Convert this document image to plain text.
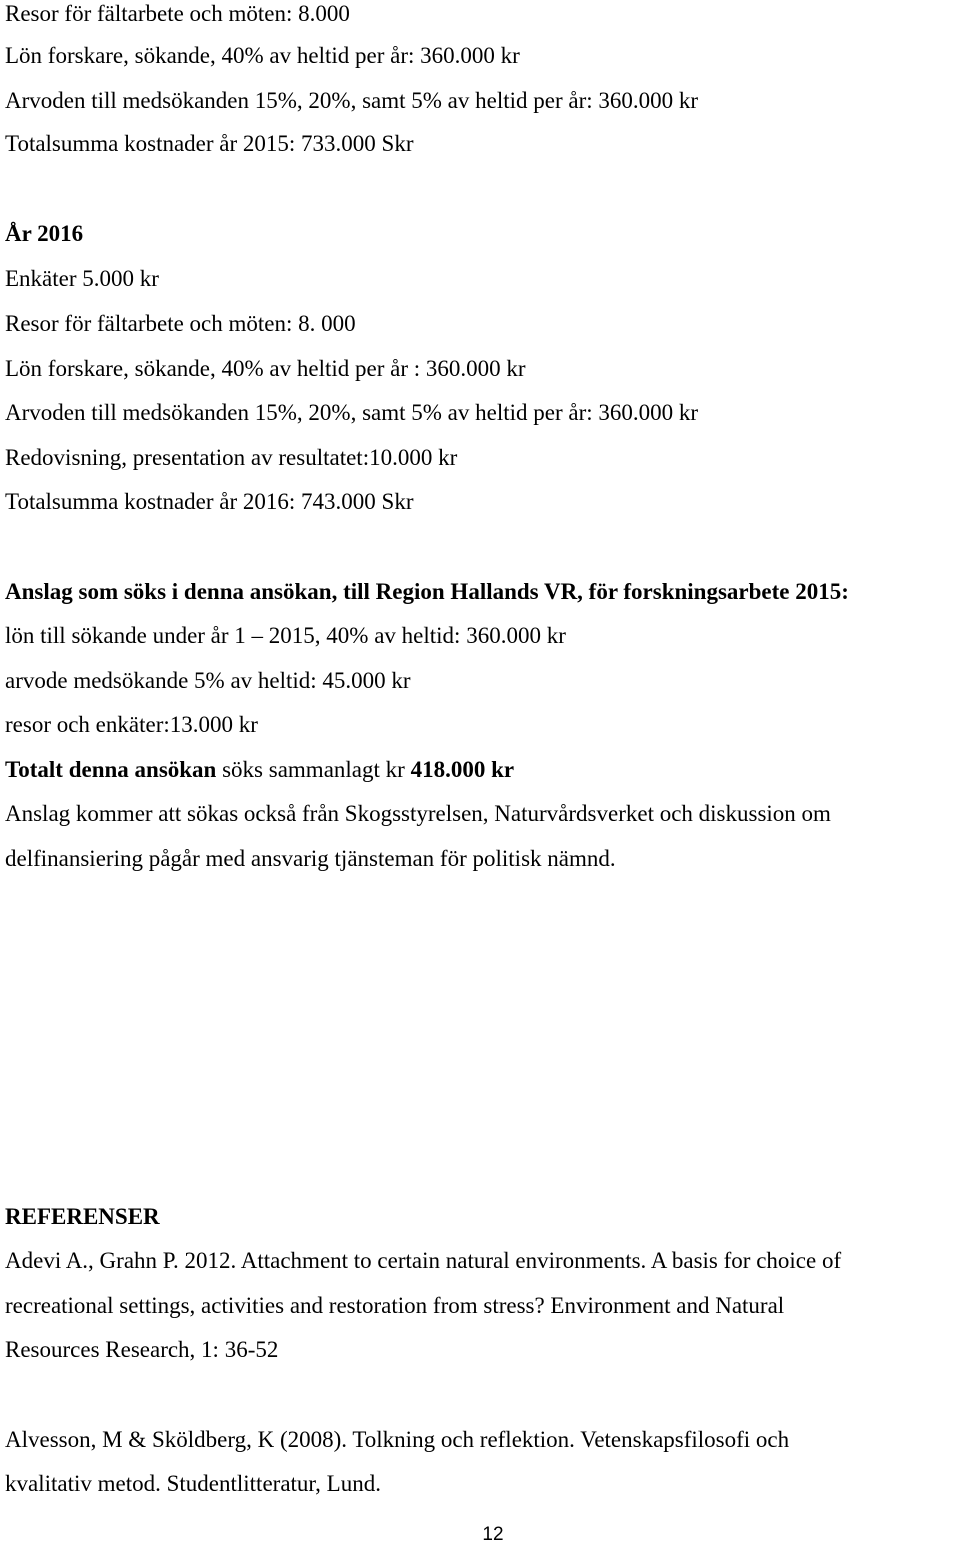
Resor för fältarbete och möten: 8.000

Lön forskare, sökande, 40% av heltid per år: 360.000 kr

Arvoden till medsökanden 15%, 20%, samt 5% av heltid per år: 360.000 kr

Totalsumma kostnader år 2015: 733.000 Skr

År 2016

Enkäter 5.000 kr

Resor för fältarbete och möten: 8. 000

Lön forskare, sökande, 40% av heltid per år : 360.000 kr

Arvoden till medsökanden 15%, 20%, samt 5% av heltid per år: 360.000 kr

Redovisning, presentation av resultatet:10.000 kr

Totalsumma kostnader år 2016: 743.000 Skr

Anslag som söks i denna ansökan, till Region Hallands VR, för forskningsarbete 2015:

lön till sökande under år 1 – 2015, 40% av heltid: 360.000 kr

arvode medsökande 5% av heltid: 45.000 kr

resor och enkäter:13.000 kr

Totalt denna ansökan söks sammanlagt kr 418.000 kr

Anslag kommer att sökas också från Skogsstyrelsen, Naturvårdsverket och diskussion om

delfinansiering pågår med ansvarig tjänsteman för politisk nämnd.

REFERENSER

Adevi A., Grahn P. 2012. Attachment to certain natural environments. A basis for choice of

recreational settings, activities and restoration from stress? Environment and Natural

Resources Research, 1: 36-52

Alvesson, M & Sköldberg, K (2008). Tolkning och reflektion. Vetenskapsfilosofi och

kvalitativ metod. Studentlitteratur, Lund.

12
